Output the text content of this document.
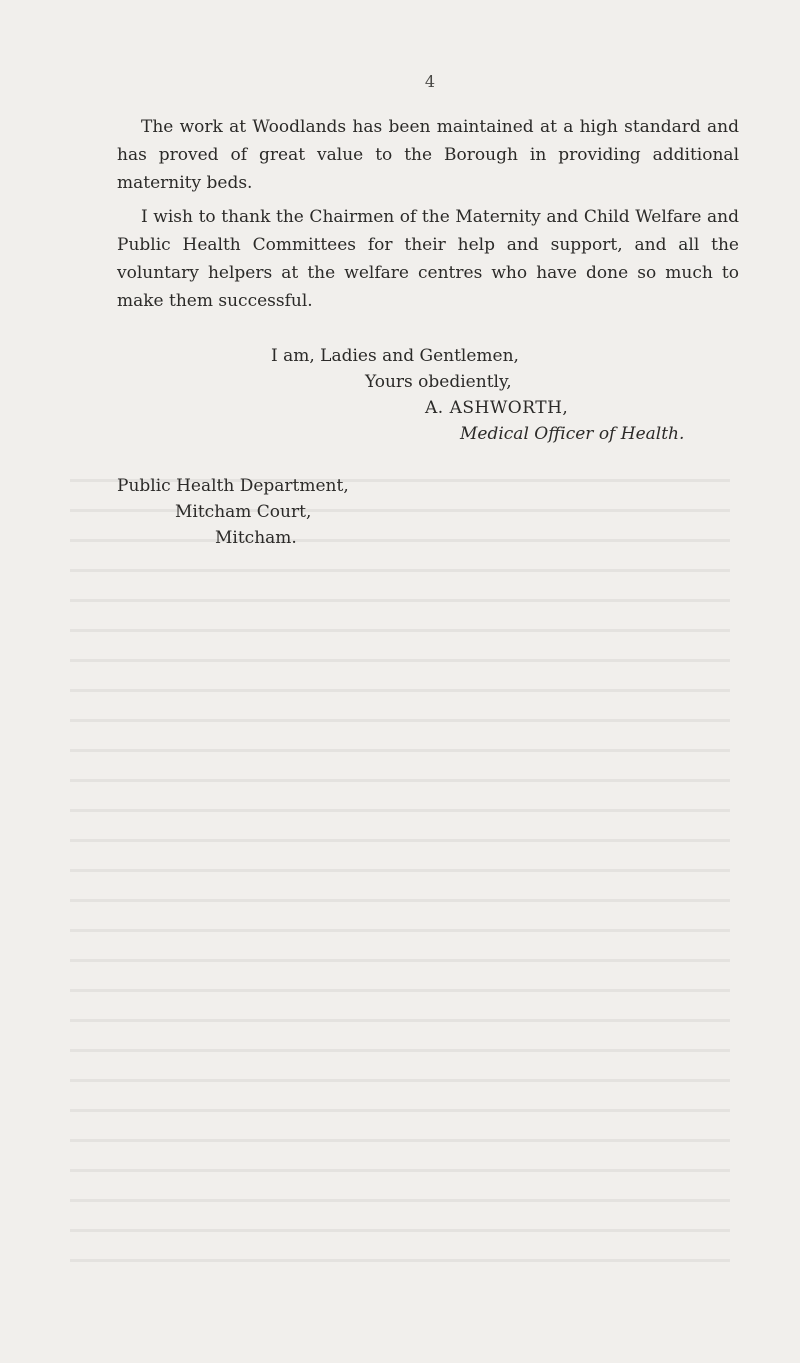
4

The work at Woodlands has been maintained at a high standard and has proved of great value to the Borough in providing additional maternity beds.

I wish to thank the Chairmen of the Maternity and Child Welfare and Public Health Committees for their help and support, and all the voluntary helpers at the welfare centres who have done so much to make them successful.

I am, Ladies and Gentlemen,

Yours obediently,

A. ASHWORTH,

Medical Officer of Health.

Public Health Department,

Mitcham Court,

Mitcham.
